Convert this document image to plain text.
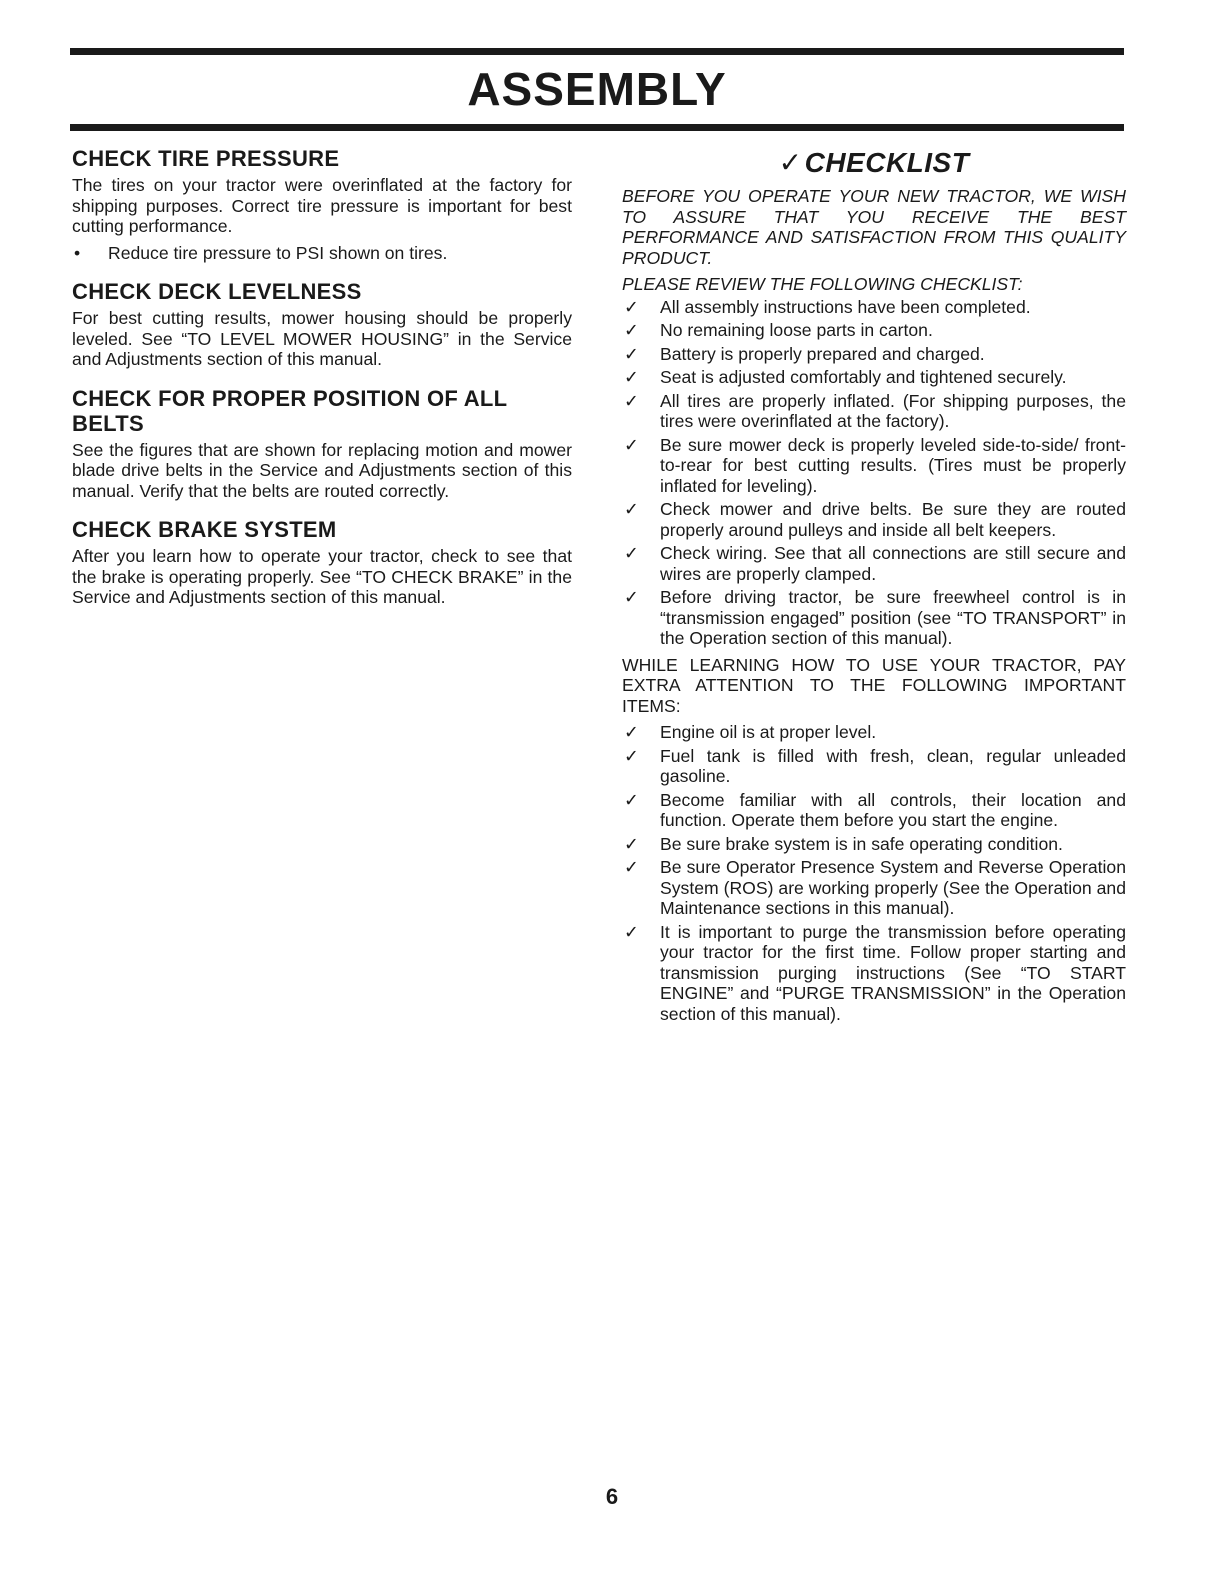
ASSEMBLY
CHECK TIRE PRESSURE

The tires on your tractor were overinflated at the factory for shipping purposes. Correct tire pressure is important for best cutting performance.

• Reduce tire pressure to PSI shown on tires.
CHECK DECK LEVELNESS

For best cutting results, mower housing should be properly leveled. See “TO LEVEL MOWER HOUSING” in the Service and Adjustments section of this manual.

CHECK FOR PROPER POSITION OF ALL BELTS

See the figures that are shown for replacing motion and mower blade drive belts in the Service and Adjustments section of this manual. Verify that the belts are routed correctly.

CHECK BRAKE SYSTEM

After you learn how to operate your tractor, check to see that the brake is operating properly. See “TO CHECK BRAKE” in the Service and Adjustments section of this manual.

✓CHECKLIST

BEFORE YOU OPERATE YOUR NEW TRACTOR, WE WISH TO ASSURE THAT YOU RECEIVE THE BEST PERFORMANCE AND SATISFACTION FROM THIS QUALITY PRODUCT.

PLEASE REVIEW THE FOLLOWING CHECKLIST:

✓ All assembly instructions have been completed.
✓ No remaining loose parts in carton.
✓ Battery is properly prepared and charged.
✓ Seat is adjusted comfortably and tightened securely.
✓ All tires are properly inflated. (For shipping purposes, the tires were overinflated at the factory).
✓ Be sure mower deck is properly leveled side-to-side/ front-to-rear for best cutting results. (Tires must be properly inflated for leveling).
✓ Check mower and drive belts. Be sure they are routed properly around pulleys and inside all belt keepers.
✓ Check wiring. See that all connections are still secure and wires are properly clamped.
✓ Before driving tractor, be sure freewheel control is in “transmission engaged” position (see “TO TRANSPORT” in the Operation section of this manual).

WHILE LEARNING HOW TO USE YOUR TRACTOR, PAY EXTRA ATTENTION TO THE FOLLOWING IMPORTANT ITEMS:

✓ Engine oil is at proper level.
✓ Fuel tank is filled with fresh, clean, regular unleaded gasoline.
✓ Become familiar with all controls, their location and function. Operate them before you start the engine.
✓ Be sure brake system is in safe operating condition.
✓ Be sure Operator Presence System and Reverse Operation System (ROS) are working properly (See the Operation and Maintenance sections in this manual).
✓ It is important to purge the transmission before operating your tractor for the first time. Follow proper starting and transmission purging instructions (See “TO START ENGINE” and “PURGE TRANSMISSION” in the Operation section of this manual).
6
